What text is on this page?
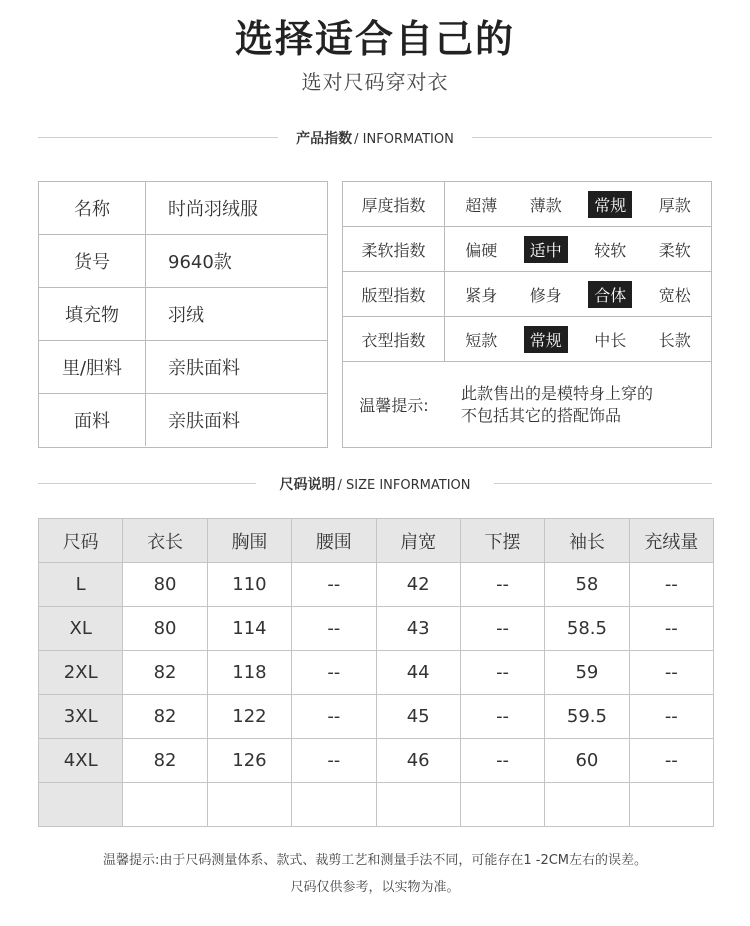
选择适合自己的
选对尺码穿对衣
产品指数 / INFORMATION
名称	时尚羽绒服
货号	9640款
填充物	羽绒
里/胆料	亲肤面料
面料	亲肤面料
厚度指数	超薄	薄款	常规	厚款
柔软指数	偏硬	适中	较软	柔软
版型指数	紧身	修身	合体	宽松
衣型指数	短款	常规	中长	长款
温馨提示:
此款售出的是模特身上穿的
不包括其它的搭配饰品
尺码说明 / SIZE INFORMATION
尺码	衣长	胸围	腰围	肩宽	下摆	袖长	充绒量
L	80	110	--	42	--	58	--
XL	80	114	--	43	--	58.5	--
2XL	82	118	--	44	--	59	--
3XL	82	122	--	45	--	59.5	--
4XL	82	126	--	46	--	60	--

温馨提示:由于尺码测量体系、款式、裁剪工艺和测量手法不同，可能存在1 -2CM左右的误差。
尺码仅供参考，以实物为准。
